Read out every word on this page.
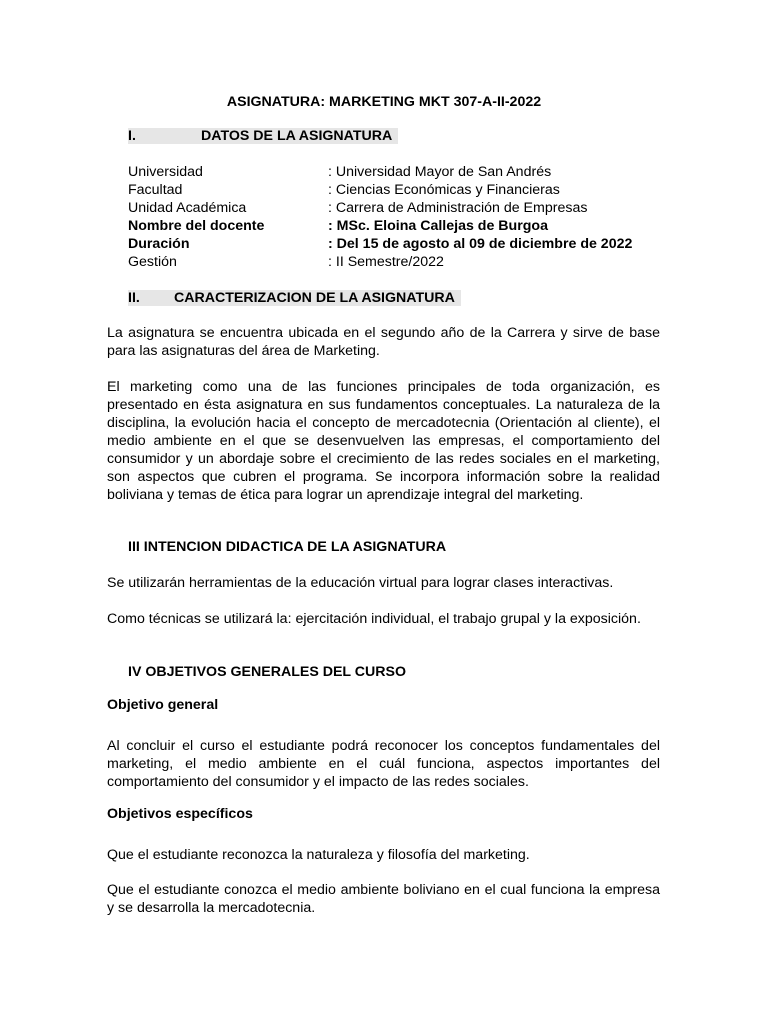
ASIGNATURA: MARKETING MKT 307-A-II-2022
I.	DATOS DE LA ASIGNATURA
Universidad	: Universidad Mayor de San Andrés
Facultad	: Ciencias Económicas y Financieras
Unidad Académica	: Carrera de Administración de Empresas
Nombre del docente	: MSc. Eloina Callejas de Burgoa
Duración	: Del 15 de agosto al 09 de diciembre de 2022
Gestión	: II Semestre/2022
II. CARACTERIZACION DE LA ASIGNATURA
La asignatura se encuentra ubicada en el segundo año de la Carrera y sirve de base para las asignaturas del área de Marketing.
El marketing como una de las funciones principales de toda organización, es presentado en ésta asignatura en sus fundamentos conceptuales. La naturaleza de la disciplina, la evolución hacia el concepto de mercadotecnia (Orientación al cliente), el medio ambiente en el que se desenvuelven las empresas, el comportamiento del consumidor y un abordaje sobre el crecimiento de las redes sociales en el marketing, son aspectos que cubren el programa. Se incorpora información sobre la realidad boliviana y temas de ética para lograr un aprendizaje integral del marketing.
III INTENCION DIDACTICA DE LA ASIGNATURA
Se utilizarán herramientas de la educación virtual para lograr clases interactivas.
Como técnicas se utilizará la: ejercitación individual, el trabajo grupal y la exposición.
IV OBJETIVOS GENERALES DEL CURSO
Objetivo general
Al concluir el curso el estudiante podrá reconocer los conceptos fundamentales del marketing, el medio ambiente en el cuál funciona, aspectos importantes del comportamiento del consumidor y el impacto de las redes sociales.
Objetivos específicos
Que el estudiante reconozca la naturaleza y filosofía del marketing.
Que el estudiante conozca el medio ambiente boliviano en el cual funciona la empresa y se desarrolla la mercadotecnia.
